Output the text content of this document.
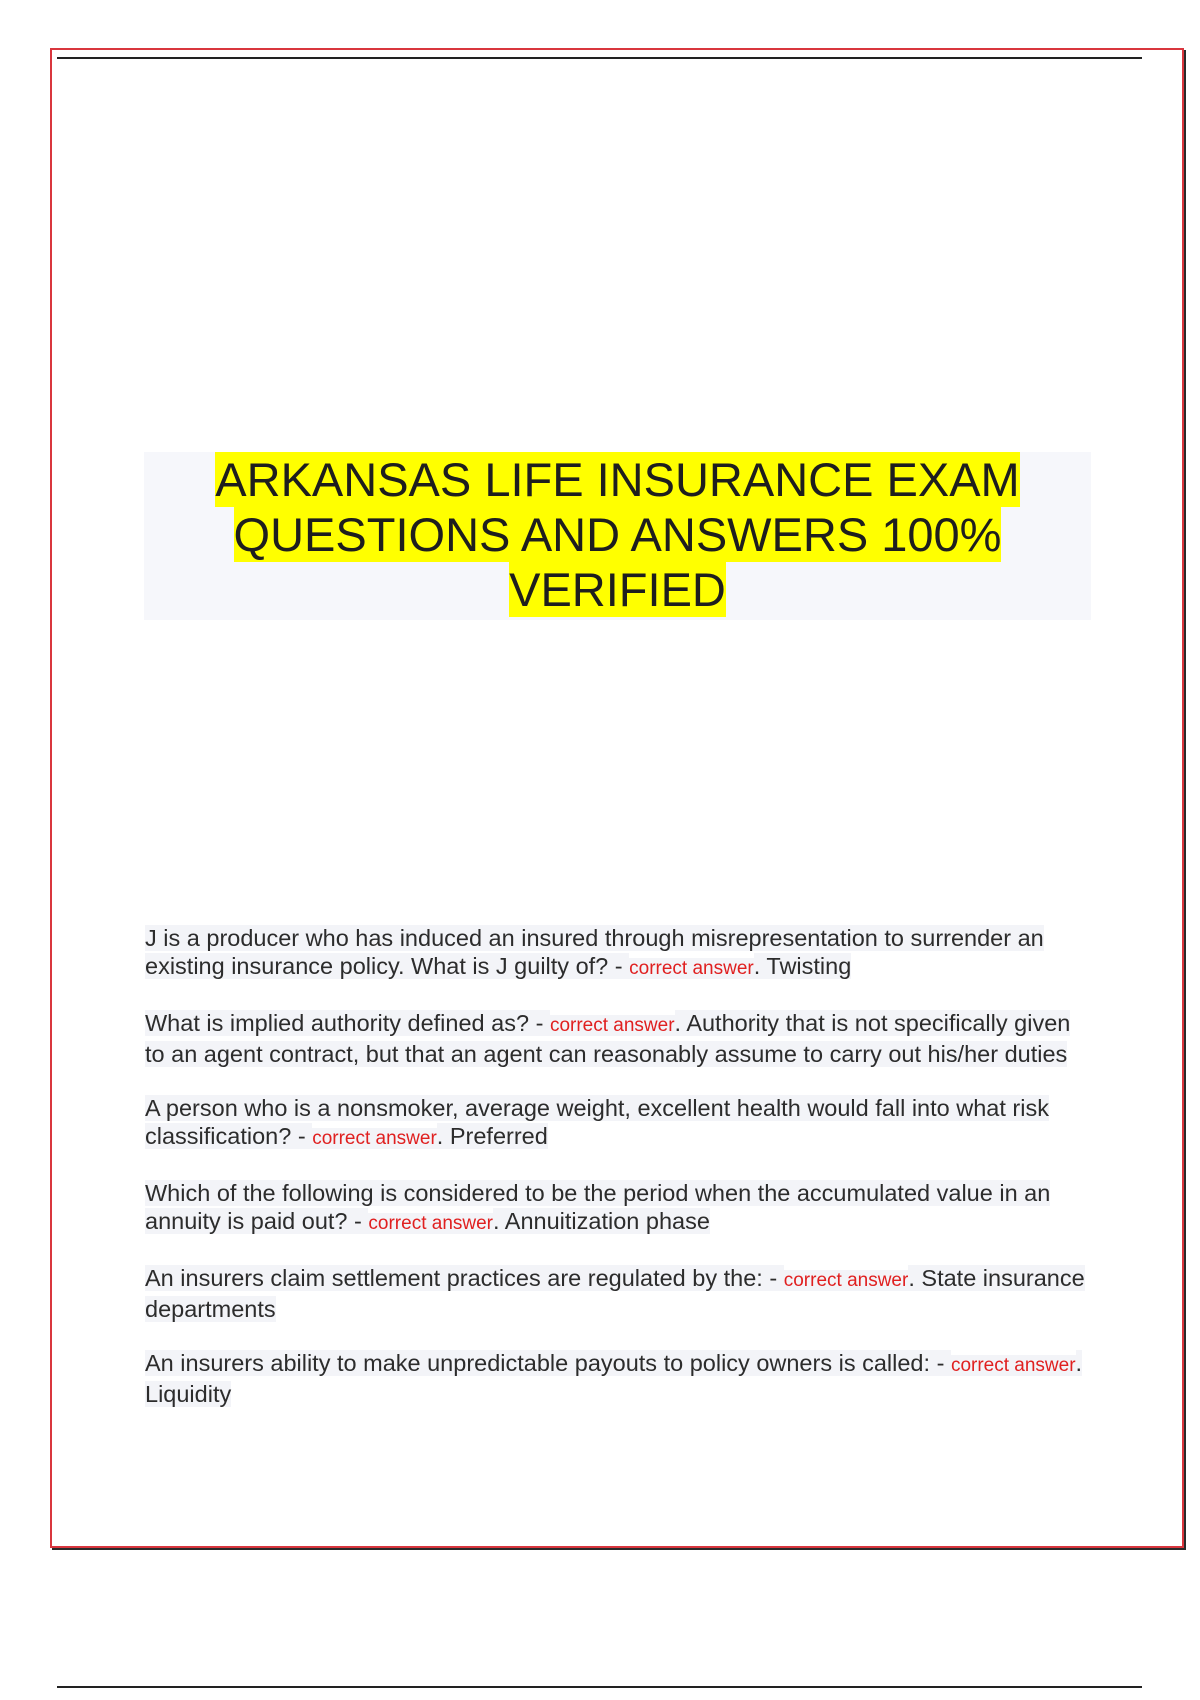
ARKANSAS LIFE INSURANCE EXAM QUESTIONS AND ANSWERS 100% VERIFIED

J is a producer who has induced an insured through misrepresentation to surrender an existing insurance policy. What is J guilty of? - correct answer. Twisting

What is implied authority defined as? - correct answer. Authority that is not specifically given to an agent contract, but that an agent can reasonably assume to carry out his/her duties

A person who is a nonsmoker, average weight, excellent health would fall into what risk classification? - correct answer. Preferred

Which of the following is considered to be the period when the accumulated value in an annuity is paid out? - correct answer. Annuitization phase

An insurers claim settlement practices are regulated by the: - correct answer. State insurance departments

An insurers ability to make unpredictable payouts to policy owners is called: - correct answer. Liquidity
